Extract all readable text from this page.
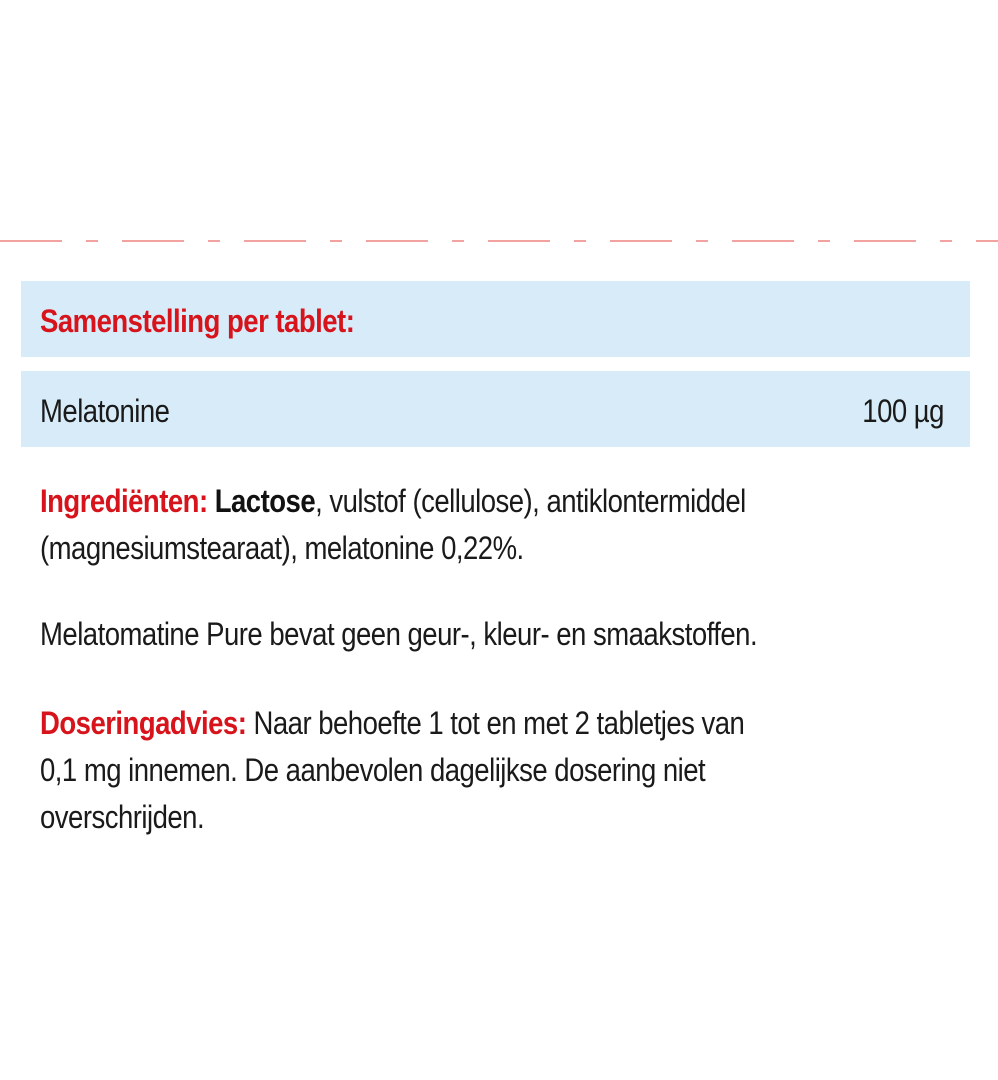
Samenstelling per tablet:
Melatonine	100 µg
Ingrediënten: Lactose, vulstof (cellulose), antiklontermiddel
(magnesiumstearaat), melatonine 0,22%.
Melatomatine Pure bevat geen geur-, kleur- en smaakstoffen.
Doseringadvies: Naar behoefte 1 tot en met 2 tabletjes van
0,1 mg innemen. De aanbevolen dagelijkse dosering niet
overschrijden.
